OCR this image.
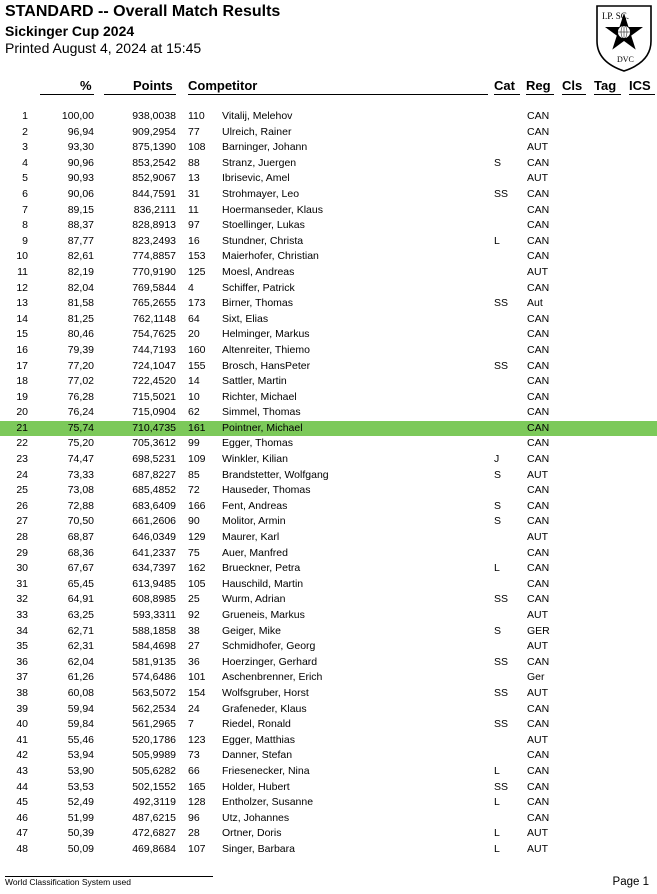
STANDARD -- Overall Match Results
Sickinger Cup 2024
Printed August 4, 2024 at 15:45
I.P. SC.
DVC
%	Points Competitor	Cat Reg Cls Tag ICS
1	100,00	938,0038 110 Vitalij, Melehov	CAN
2	96,94	909,2954 77 Ulreich, Rainer	CAN
3	93,30	875,1390 108 Barninger, Johann	AUT
4	90,96	853,2542 88 Stranz, Juergen	S CAN
5	90,93	852,9067 13 Ibrisevic, Amel	AUT
6	90,06	844,7591 31 Strohmayer, Leo	SS CAN
7	89,15	836,2111 11 Hoermanseder, Klaus	CAN
8	88,37	828,8913 97 Stoellinger, Lukas	CAN
9	87,77	823,2493 16 Stundner, Christa	L	CAN
10	82,61	774,8857 153 Maierhofer, Christian	CAN
11	82,19	770,9190 125 Moesl, Andreas	AUT
12	82,04	769,5844 4	Schiffer, Patrick	CAN
13	81,58	765,2655 173 Birner, Thomas	SS Aut
14	81,25	762,1148 64 Sixt, Elias	CAN
15	80,46	754,7625 20 Helminger, Markus	CAN
16	79,39	744,7193 160 Altenreiter, Thiemo	CAN
17	77,20	724,1047 155 Brosch, HansPeter	SS CAN
18	77,02	722,4520 14 Sattler, Martin	CAN
19	76,28	715,5021 10 Richter, Michael	CAN
20	76,24	715,0904 62 Simmel, Thomas	CAN
21	75,74	710,4735 161 Pointner, Michael	CAN
22	75,20	705,3612 99 Egger, Thomas	CAN
23	74,47	698,5231 109 Winkler, Kilian	J	CAN
24	73,33	687,8227 85 Brandstetter, Wolfgang	S AUT
25	73,08	685,4852 72 Hauseder, Thomas	CAN
26	72,88	683,6409 166 Fent, Andreas	S CAN
27	70,50	661,2606 90 Molitor, Armin	S CAN
28	68,87	646,0349 129 Maurer, Karl	AUT
29	68,36	641,2337 75 Auer, Manfred	CAN
30	67,67	634,7397 162 Brueckner, Petra	L	CAN
31	65,45	613,9485 105 Hauschild, Martin	CAN
32	64,91	608,8985 25 Wurm, Adrian	SS CAN
33	63,25	593,3311 92 Grueneis, Markus	AUT
34	62,71	588,1858 38 Geiger, Mike	S GER
35	62,31	584,4698 27 Schmidhofer, Georg	AUT
36	62,04	581,9135 36 Hoerzinger, Gerhard	SS CAN
37	61,26	574,6486 101 Aschenbrenner, Erich	Ger
38	60,08	563,5072 154 Wolfsgruber, Horst	SS AUT
39	59,94	562,2534 24 Grafeneder, Klaus	CAN
40	59,84	561,2965 7	Riedel, Ronald	SS CAN
41	55,46	520,1786 123 Egger, Matthias	AUT
42	53,94	505,9989 73 Danner, Stefan	CAN
43	53,90	505,6282 66 Friesenecker, Nina	L	CAN
44	53,53	502,1552 165 Holder, Hubert	SS CAN
45	52,49	492,3119 128 Entholzer, Susanne	L	CAN
46	51,99	487,6215 96 Utz, Johannes	CAN
47	50,39	472,6827 28 Ortner, Doris	L	AUT
48	50,09	469,8684 107 Singer, Barbara	L	AUT
World Classification System used	Page 1
